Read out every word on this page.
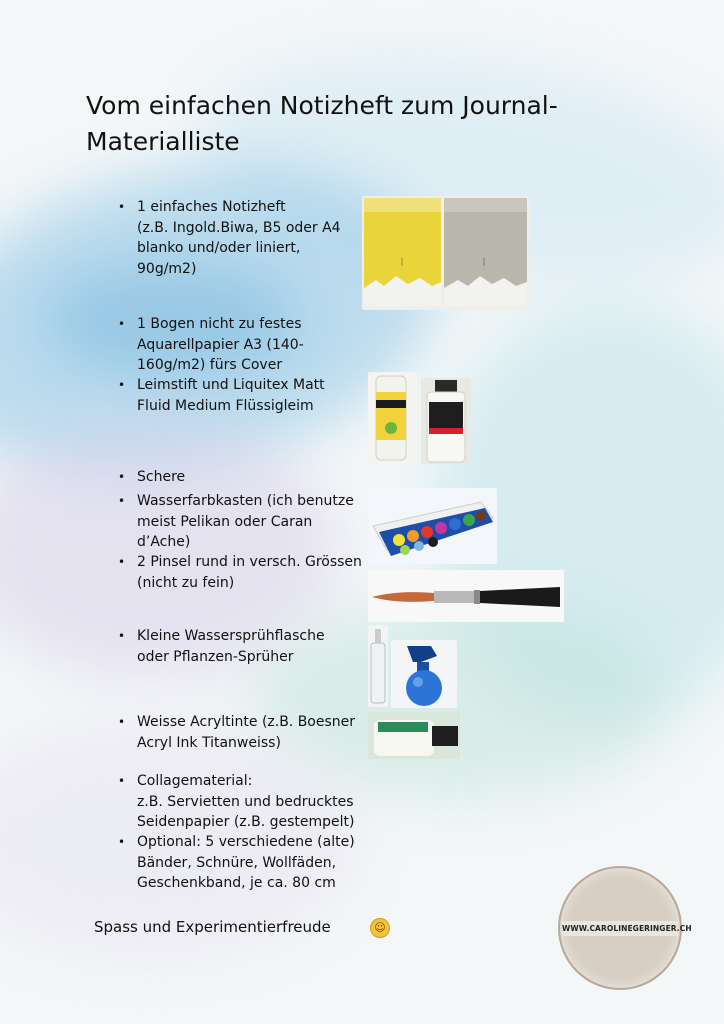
Vom einfachen Notizheft zum Journal-
Materialliste
• 1 einfaches Notizheft
(z.B. Ingold.Biwa, B5 oder A4
blanko und/oder liniert,
90g/m2)
• 1 Bogen nicht zu festes
Aquarellpapier A3 (140-
160g/m2) fürs Cover
• Leimstift und Liquitex Matt
Fluid Medium Flüssigleim
• Schere
• Wasserfarbkasten (ich benutze
meist Pelikan oder Caran
d’Ache)
• 2 Pinsel rund in versch. Grössen
(nicht zu fein)
• Kleine Wassersprühflasche
oder Pflanzen-Sprüher
• Weisse Acryltinte (z.B. Boesner
Acryl Ink Titanweiss)
• Collagematerial:
z.B. Servietten und bedrucktes
Seidenpapier (z.B. gestempelt)
• Optional: 5 verschiedene (alte)
Bänder, Schnüre, Wollfäden,
Geschenkband, je ca. 80 cm
Spass und Experimentierfreude	☺	WWW.CAROLINEGERINGER.CH
